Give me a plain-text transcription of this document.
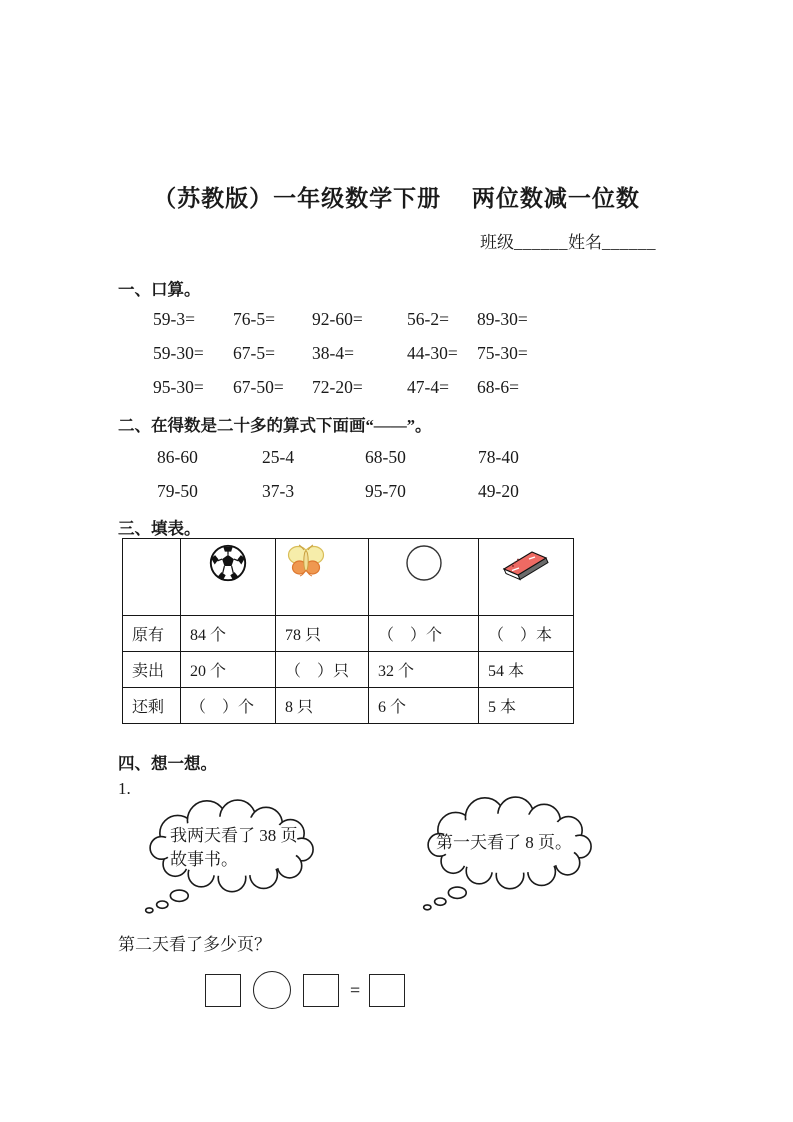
（苏教版）一年级数学下册　 两位数减一位数
班级______姓名______
一、口算。
59-3= 76-5= 92-60=	56-2= 89-30=
59-30= 67-5= 38-4=	44-30= 75-30=
95-30= 67-50= 72-20=	47-4= 68-6=
二、在得数是二十多的算式下面画“——”。
86-60	25-4	68-50	78-40
79-50	37-3	95-70	49-20
三、填表。

原有	84 个	78 只	（　）个	（　）本
卖出	20 个	（　）只	32 个	54 本
还剩	（　）个	8 只	6 个	5 本
四、想一想。
1.
我两天看了 38 页
故事书。
第一天看了 8 页。
第二天看了多少页？
=
